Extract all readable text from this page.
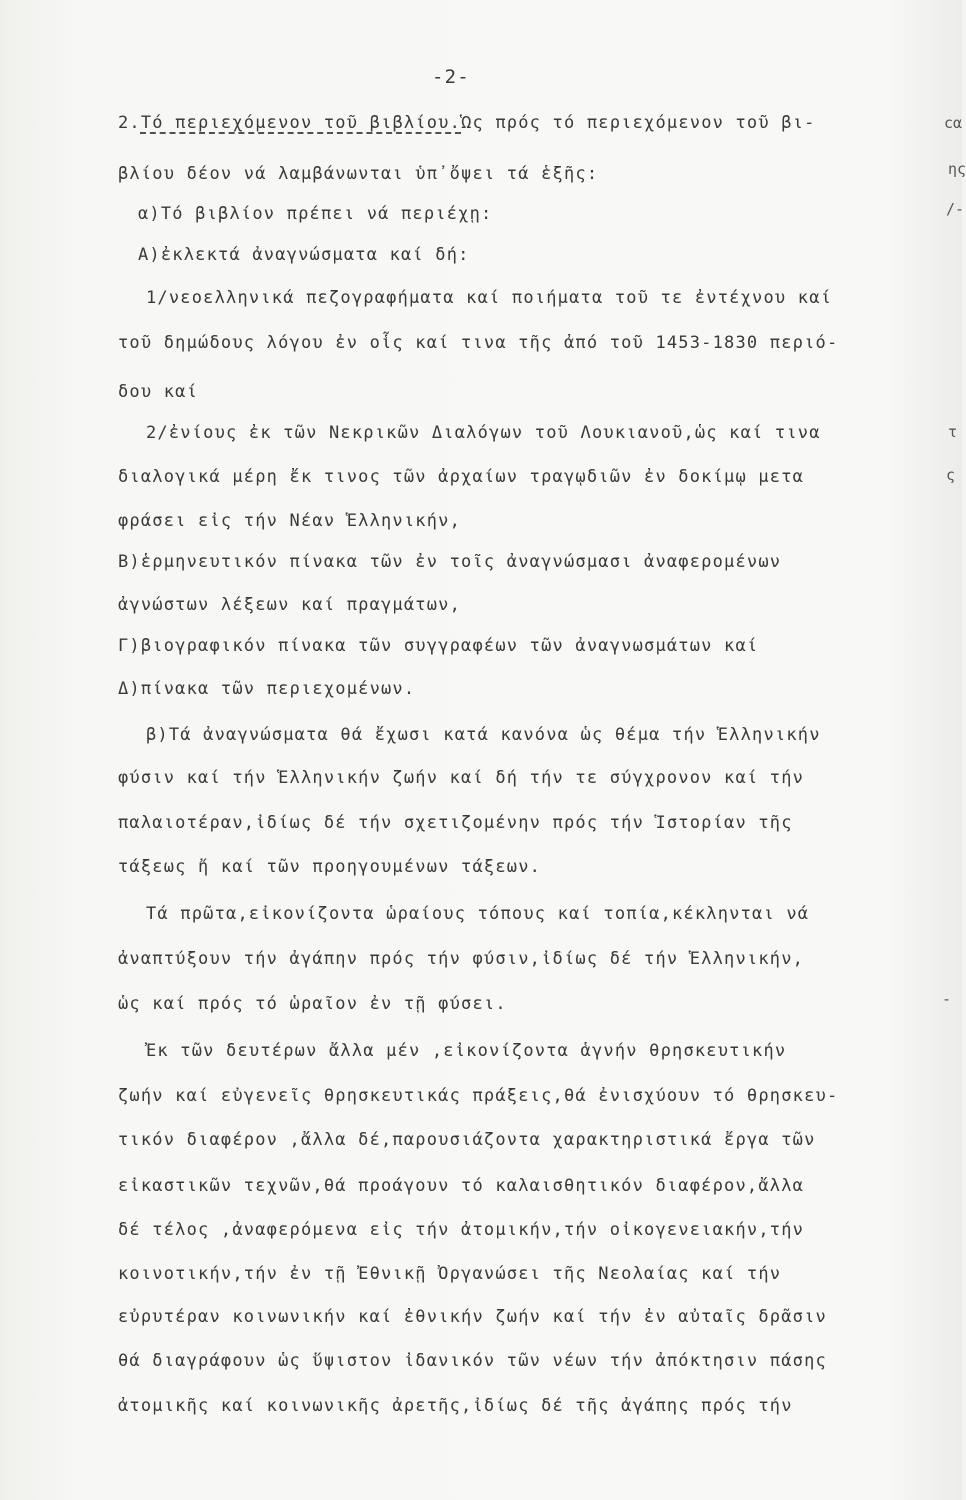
-2-
2.Τό περιεχόμενον τοῦ βιβλίου.Ὡς πρός τό περιεχόμενον τοῦ βι-
βλίου δέον νά λαμβάνωνται ὑπ᾽ὄψει τά ἑξῆς:
α)Τό βιβλίον πρέπει νά περιέχῃ:
Α)ἐκλεκτά ἀναγνώσματα καί δή:
1/νεοελληνικά πεζογραφήματα καί ποιήματα τοῦ τε ἐντέχνου καί
τοῦ δημώδους λόγου ἐν οἷς καί τινα τῆς ἀπό τοῦ 1453-1830 περιό-
δου καί
2/ἐνίους ἐκ τῶν Νεκρικῶν Διαλόγων τοῦ Λουκιανοῦ,ὡς καί τινα
διαλογικά μέρη ἔκ τινος τῶν ἀρχαίων τραγῳδιῶν ἐν δοκίμῳ μετα
φράσει εἰς τήν Νέαν Ἑλληνικήν,
Β)ἑρμηνευτικόν πίνακα τῶν ἐν τοῖς ἀναγνώσμασι ἀναφερομένων
ἀγνώστων λέξεων καί πραγμάτων,
Γ)βιογραφικόν πίνακα τῶν συγγραφέων τῶν ἀναγνωσμάτων καί
Δ)πίνακα τῶν περιεχομένων.
β)Τά ἀναγνώσματα θά ἔχωσι κατά κανόνα ὡς θέμα τήν Ἑλληνικήν
φύσιν καί τήν Ἑλληνικήν ζωήν καί δή τήν τε σύγχρονον καί τήν
παλαιοτέραν,ἰδίως δέ τήν σχετιζομένην πρός τήν Ἱστορίαν τῆς
τάξεως ἤ καί τῶν προηγουμένων τάξεων.
Τά πρῶτα,εἰκονίζοντα ὡραίους τόπους καί τοπία,κέκληνται νά
ἀναπτύξουν τήν ἀγάπην πρός τήν φύσιν,ἰδίως δέ τήν Ἑλληνικήν,
ὡς καί πρός τό ὡραῖον ἐν τῇ φύσει.
Ἐκ τῶν δευτέρων ἄλλα μέν ,εἰκονίζοντα ἁγνήν θρησκευτικήν
ζωήν καί εὐγενεῖς θρησκευτικάς πράξεις,θά ἐνισχύουν τό θρησκευ-
τικόν διαφέρον ,ἄλλα δέ,παρουσιάζοντα χαρακτηριστικά ἔργα τῶν
εἰκαστικῶν τεχνῶν,θά προάγουν τό καλαισθητικόν διαφέρον,ἄλλα
δέ τέλος ,ἀναφερόμενα εἰς τήν ἀτομικήν,τήν οἰκογενειακήν,τήν
κοινοτικήν,τήν ἐν τῇ Ἐθνικῇ Ὀργανώσει τῆς Νεολαίας καί τήν
εὐρυτέραν κοινωνικήν καί ἐθνικήν ζωήν καί τήν ἐν αὐταῖς δρᾶσιν
θά διαγράφουν ὡς ὕψιστον ἰδανικόν τῶν νέων τήν ἀπόκτησιν πάσης
ἀτομικῆς καί κοινωνικῆς ἀρετῆς,ἰδίως δέ τῆς ἀγάπης πρός τήν
cα
ης
/-
τ
ς
-
